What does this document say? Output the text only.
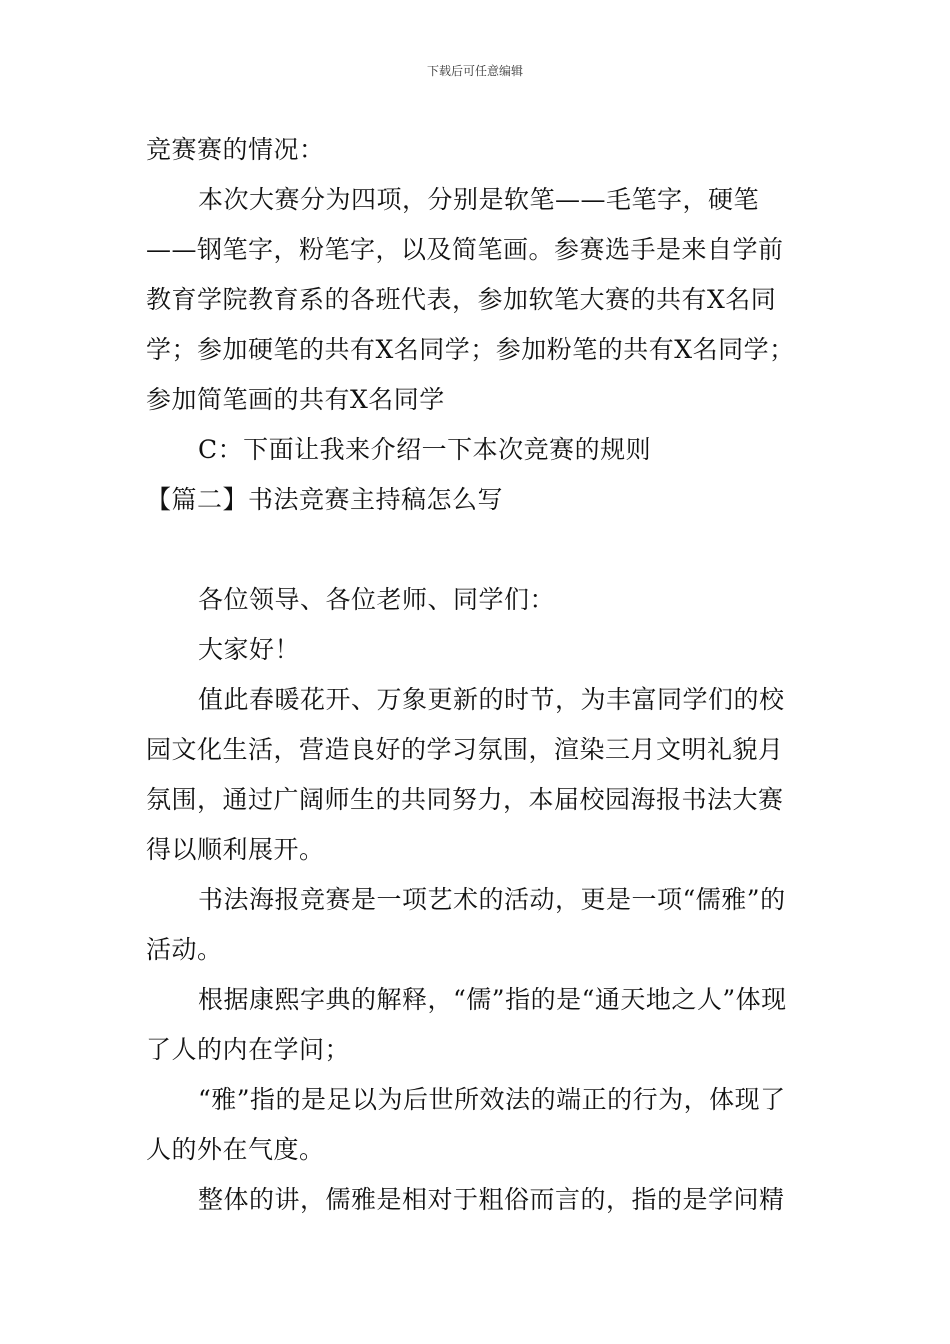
下载后可任意编辑

竞赛赛的情况：

本次大赛分为四项，分别是软笔——毛笔字，硬笔——钢笔字，粉笔字，以及简笔画。参赛选手是来自学前教育学院教育系的各班代表，参加软笔大赛的共有X名同学；参加硬笔的共有X名同学；参加粉笔的共有X名同学；参加简笔画的共有X名同学

C：下面让我来介绍一下本次竞赛的规则

【篇二】书法竞赛主持稿怎么写

各位领导、各位老师、同学们：

大家好！

值此春暖花开、万象更新的时节，为丰富同学们的校园文化生活，营造良好的学习氛围，渲染三月文明礼貌月氛围，通过广阔师生的共同努力，本届校园海报书法大赛得以顺利展开。

书法海报竞赛是一项艺术的活动，更是一项“儒雅”的活动。

根据康熙字典的解释，“儒”指的是“通天地之人”体现了人的内在学问；

“雅”指的是足以为后世所效法的端正的行为，体现了人的外在气度。

整体的讲，儒雅是相对于粗俗而言的，指的是学问精
